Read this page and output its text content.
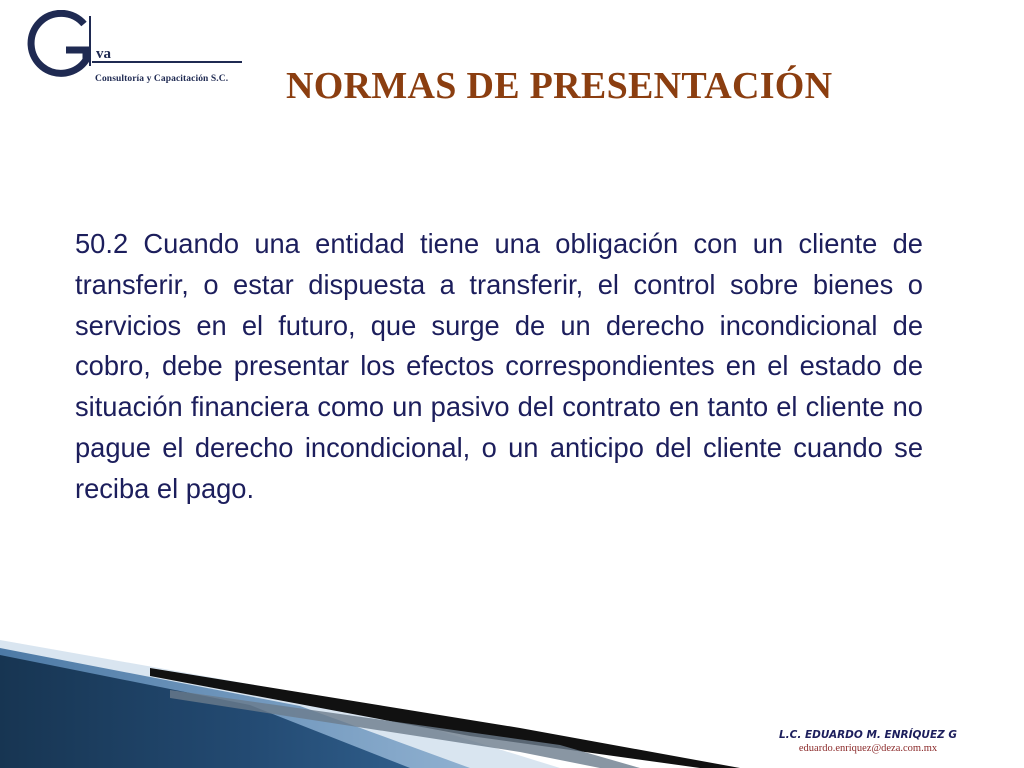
va
Consultoría y Capacitación S.C. NORMAS DE PRESENTACIÓN
50.2 Cuando una entidad tiene una obligación con un cliente de transferir, o estar dispuesta a transferir, el control sobre bienes o servicios en el futuro, que surge de un derecho incondicional de cobro, debe presentar los efectos correspondientes en el estado de situación financiera como un pasivo del contrato en tanto el cliente no pague el derecho incondicional, o un anticipo del cliente cuando se reciba el pago.
L.C. EDUARDO M. ENRÍQUEZ G
eduardo.enriquez@deza.com.mx
